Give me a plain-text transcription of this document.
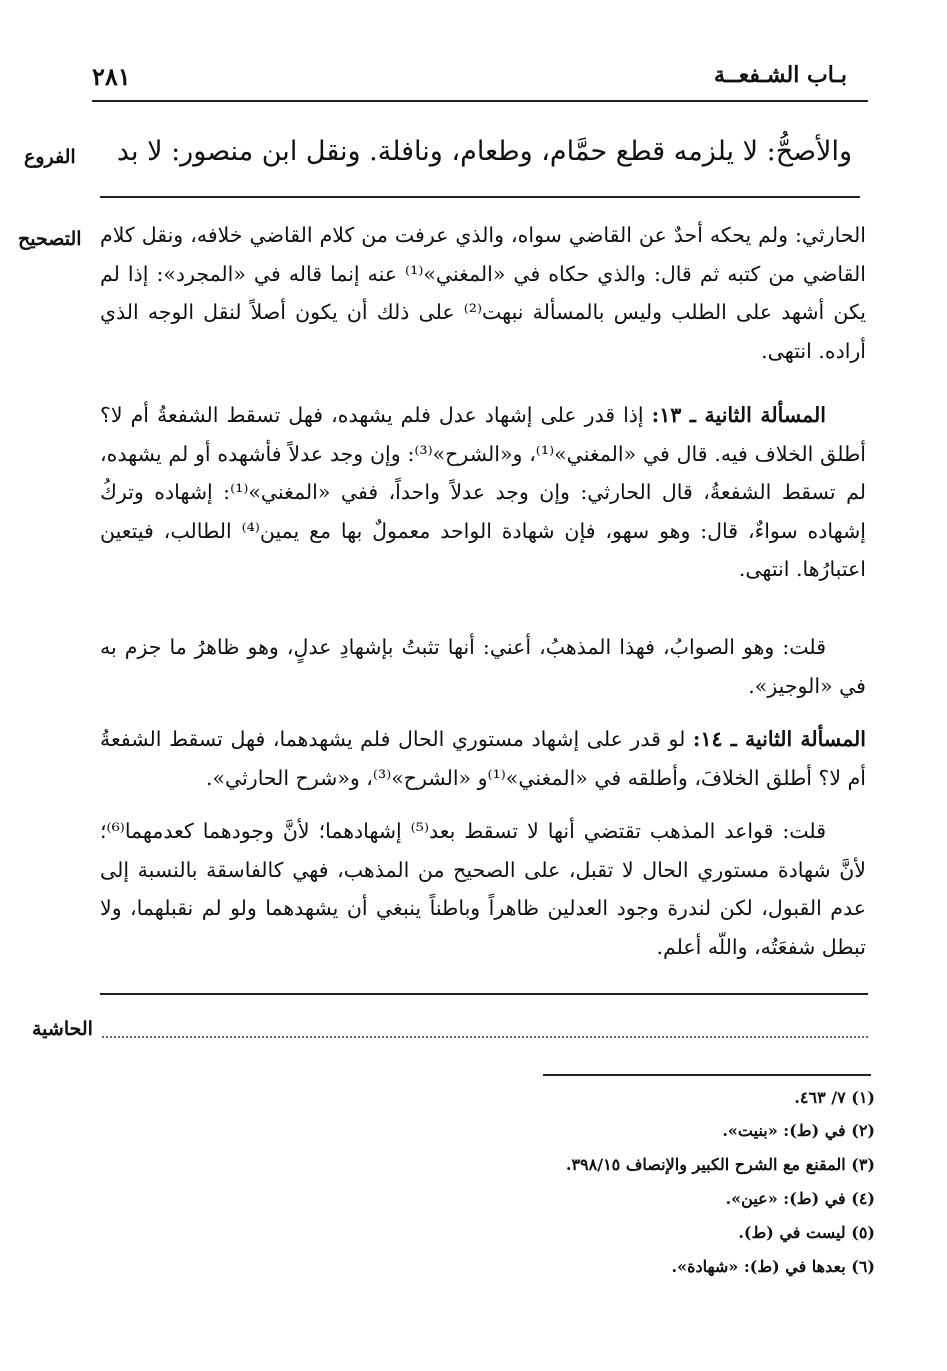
بـاب الشـفعــة
٢٨١
والأصحُّ: لا يلزمه قطع حمَّام، وطعام، ونافلة. ونقل ابن منصور: لا بد
الفروع
التصحيح الحارثي: ولم يحكه أحدٌ عن القاضي سواه، والذي عرفت من كلام القاضي خلافه، ونقل كلام القاضي من كتبه ثم قال: والذي حكاه في «المغني»⁽¹⁾ عنه إنما قاله في «المجرد»: إذا لم يكن أشهد على الطلب وليس بالمسألة نبهت⁽²⁾ على ذلك أن يكون أصلاً لنقل الوجه الذي أراده. انتهى.
المسألة الثانية ـ ١٣: إذا قدر على إشهاد عدل فلم يشهده، فهل تسقط الشفعةُ أم لا؟ أطلق الخلاف فيه. قال في «المغني»⁽¹⁾، و«الشرح»⁽³⁾: وإن وجد عدلاً فأشهده أو لم يشهده، لم تسقط الشفعةُ، قال الحارثي: وإن وجد عدلاً واحداً، ففي «المغني»⁽¹⁾: إشهاده وتركُ إشهاده سواءٌ، قال: وهو سهو، فإن شهادة الواحد معمولٌ بها مع يمين⁽⁴⁾ الطالب، فيتعين اعتبارُها. انتهى.
قلت: وهو الصوابُ، فهذا المذهبُ، أعني: أنها تثبتُ بإشهادِ عدلٍ، وهو ظاهرُ ما جزم به في «الوجيز».
المسألة الثانية ـ ١٤: لو قدر على إشهاد مستوري الحال فلم يشهدهما، فهل تسقط الشفعةُ أم لا؟ أطلق الخلافَ، وأطلقه في «المغني»⁽¹⁾و «الشرح»⁽³⁾، و«شرح الحارثي».
قلت: قواعد المذهب تقتضي أنها لا تسقط بعد⁽⁵⁾ إشهادهما؛ لأنَّ وجودهما كعدمهما⁽⁶⁾؛ لأنَّ شهادة مستوري الحال لا تقبل، على الصحيح من المذهب، فهي كالفاسقة بالنسبة إلى عدم القبول، لكن لندرة وجود العدلين ظاهراً وباطناً ينبغي أن يشهدهما ولو لم نقبلهما، ولا تبطل شفعَتُه، واللّه أعلم.
الحاشية
(١) ٧/ ٤٦٣.
(٢) في (ط): «بنيت».
(٣) المقنع مع الشرح الكبير والإنصاف ٣٩٨/١٥.
(٤) في (ط): «عين».
(٥) ليست في (ط).
(٦) بعدها في (ط): «شهادة».
